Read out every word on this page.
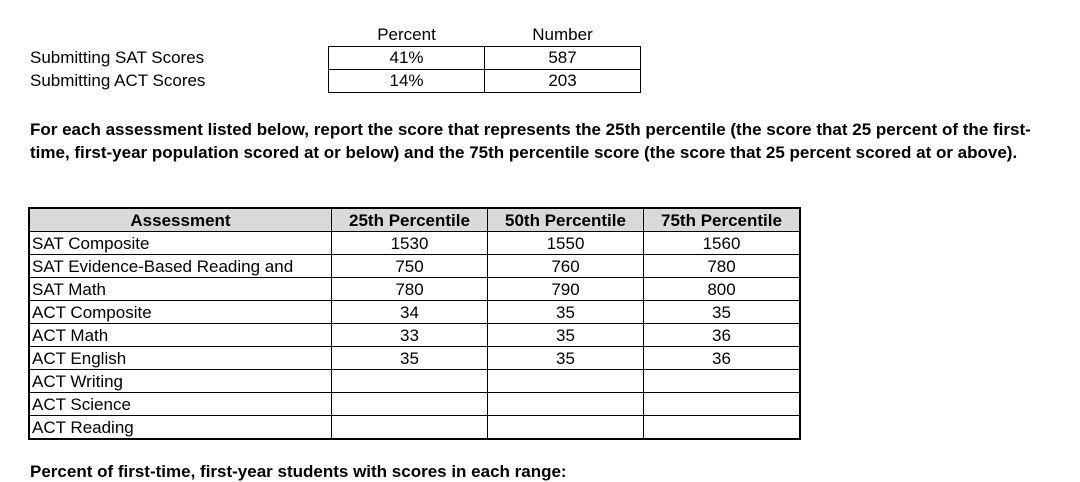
	Percent	Number
Submitting SAT Scores	41%	587
Submitting ACT Scores	14%	203

For each assessment listed below, report the score that represents the 25th percentile (the score that 25 percent of the first-time, first-year population scored at or below) and the 75th percentile score (the score that 25 percent scored at or above).

Assessment	25th Percentile	50th Percentile	75th Percentile
SAT Composite	1530	1550	1560
SAT Evidence-Based Reading and	750	760	780
SAT Math	780	790	800
ACT Composite	34	35	35
ACT Math	33	35	36
ACT English	35	35	36
ACT Writing			
ACT Science			
ACT Reading			
Percent of first-time, first-year students with scores in each range:
